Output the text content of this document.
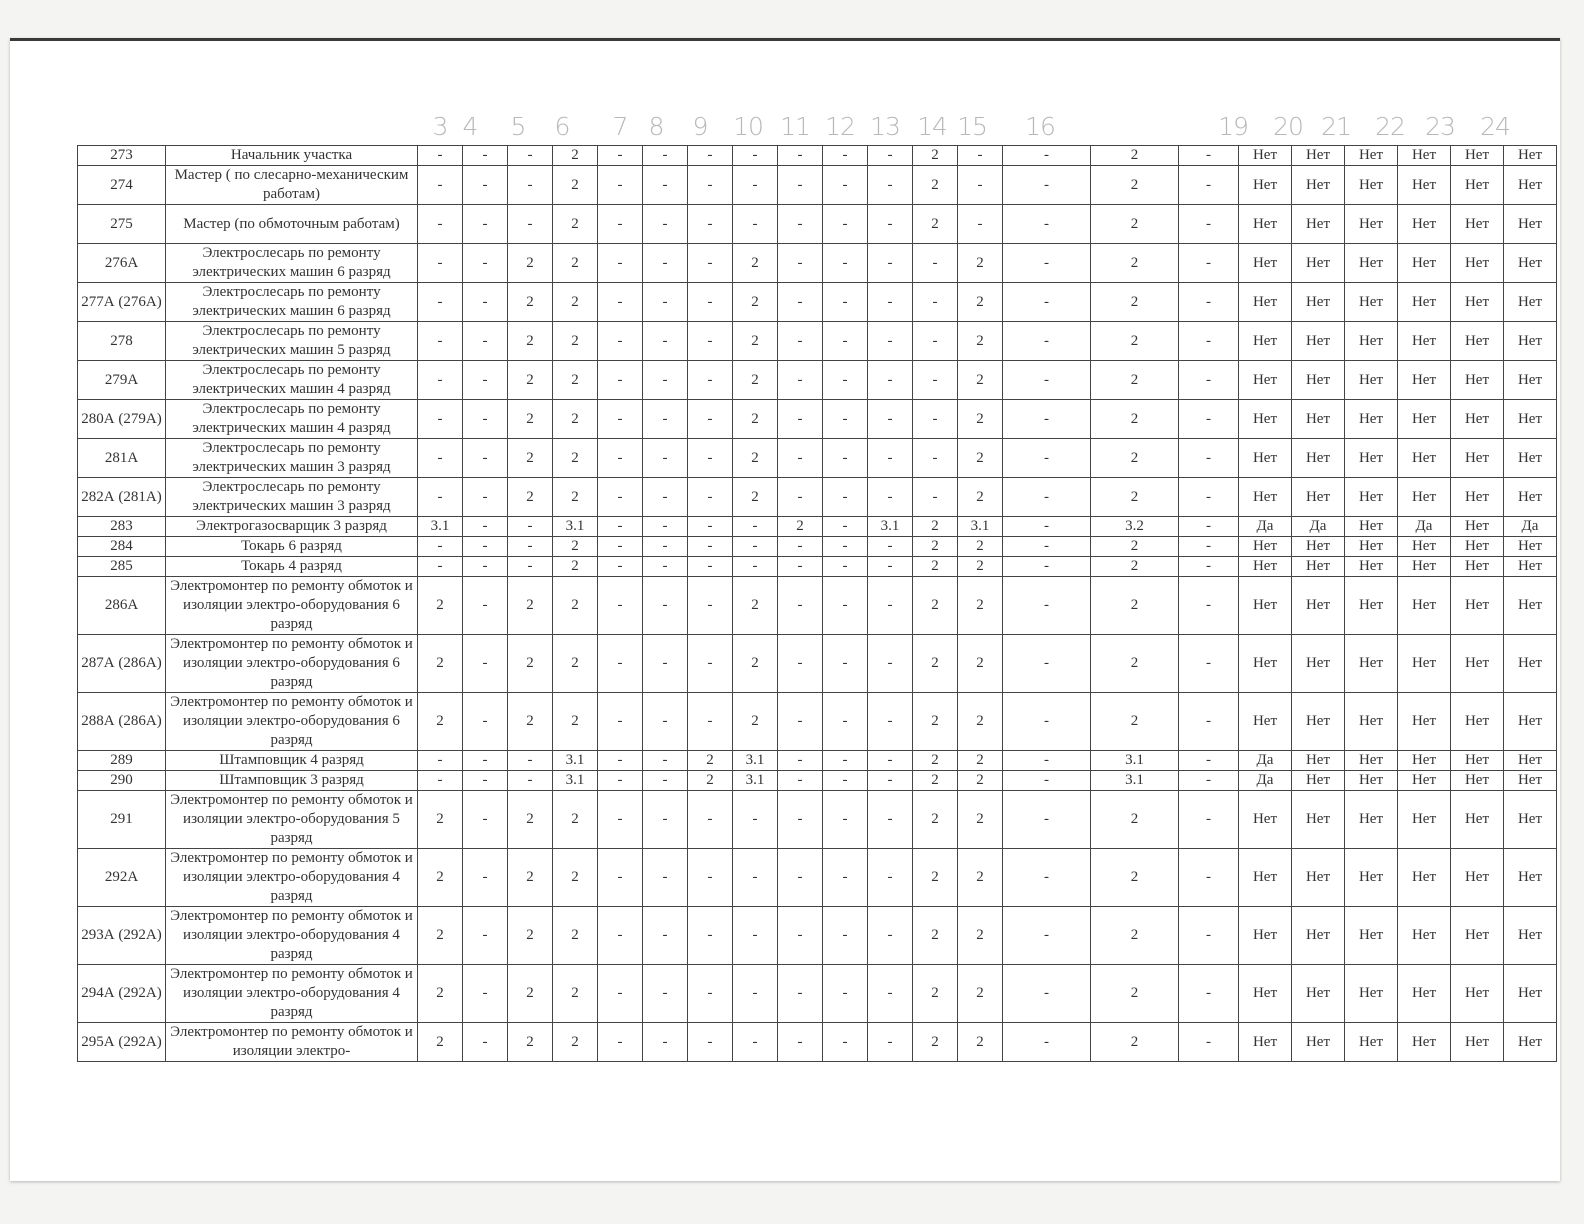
3 4 5 6 7 8 9 10 11 12 13 14 15 16	19 20 21 22 23 24
273	Начальник участка	-	-	-	2	-	-	-	-	-	-	-	2	-	-	2	-	Нет	Нет	Нет	Нет	Нет	Нет
274	Мастер ( по слесарно-механическим работам)	-	-	-	2	-	-	-	-	-	-	-	2	-	-	2	-	Нет	Нет	Нет	Нет	Нет	Нет
275	Мастер (по обмоточным работам)	-	-	-	2	-	-	-	-	-	-	-	2	-	-	2	-	Нет	Нет	Нет	Нет	Нет	Нет
276А	Электрослесарь по ремонту электрических машин 6 разряд	-	-	2	2	-	-	-	2	-	-	-	-	2	-	2	-	Нет	Нет	Нет	Нет	Нет	Нет
277А (276А)	Электрослесарь по ремонту электрических машин 6 разряд	-	-	2	2	-	-	-	2	-	-	-	-	2	-	2	-	Нет	Нет	Нет	Нет	Нет	Нет
278	Электрослесарь по ремонту электрических машин 5 разряд	-	-	2	2	-	-	-	2	-	-	-	-	2	-	2	-	Нет	Нет	Нет	Нет	Нет	Нет
279А	Электрослесарь по ремонту электрических машин 4 разряд	-	-	2	2	-	-	-	2	-	-	-	-	2	-	2	-	Нет	Нет	Нет	Нет	Нет	Нет
280А (279А)	Электрослесарь по ремонту электрических машин 4 разряд	-	-	2	2	-	-	-	2	-	-	-	-	2	-	2	-	Нет	Нет	Нет	Нет	Нет	Нет
281А	Электрослесарь по ремонту электрических машин 3 разряд	-	-	2	2	-	-	-	2	-	-	-	-	2	-	2	-	Нет	Нет	Нет	Нет	Нет	Нет
282А (281А)	Электрослесарь по ремонту электрических машин 3 разряд	-	-	2	2	-	-	-	2	-	-	-	-	2	-	2	-	Нет	Нет	Нет	Нет	Нет	Нет
283	Электрогазосварщик 3 разряд	3.1	-	-	3.1	-	-	-	-	2	-	3.1	2	3.1	-	3.2	-	Да	Да	Нет	Да	Нет	Да
284	Токарь 6 разряд	-	-	-	2	-	-	-	-	-	-	-	2	2	-	2	-	Нет	Нет	Нет	Нет	Нет	Нет
285	Токарь 4 разряд	-	-	-	2	-	-	-	-	-	-	-	2	2	-	2	-	Нет	Нет	Нет	Нет	Нет	Нет
286А	Электромонтер по ремонту обмоток и изоляции электро-оборудования 6 разряд	2	-	2	2	-	-	-	2	-	-	-	2	2	-	2	-	Нет	Нет	Нет	Нет	Нет	Нет
287А (286А)	Электромонтер по ремонту обмоток и изоляции электро-оборудования 6 разряд	2	-	2	2	-	-	-	2	-	-	-	2	2	-	2	-	Нет	Нет	Нет	Нет	Нет	Нет
288А (286А)	Электромонтер по ремонту обмоток и изоляции электро-оборудования 6 разряд	2	-	2	2	-	-	-	2	-	-	-	2	2	-	2	-	Нет	Нет	Нет	Нет	Нет	Нет
289	Штамповщик 4 разряд	-	-	-	3.1	-	-	2	3.1	-	-	-	2	2	-	3.1	-	Да	Нет	Нет	Нет	Нет	Нет
290	Штамповщик 3 разряд	-	-	-	3.1	-	-	2	3.1	-	-	-	2	2	-	3.1	-	Да	Нет	Нет	Нет	Нет	Нет
291	Электромонтер по ремонту обмоток и изоляции электро-оборудования 5 разряд	2	-	2	2	-	-	-	-	-	-	-	2	2	-	2	-	Нет	Нет	Нет	Нет	Нет	Нет
292А	Электромонтер по ремонту обмоток и изоляции электро-оборудования 4 разряд	2	-	2	2	-	-	-	-	-	-	-	2	2	-	2	-	Нет	Нет	Нет	Нет	Нет	Нет
293А (292А)	Электромонтер по ремонту обмоток и изоляции электро-оборудования 4 разряд	2	-	2	2	-	-	-	-	-	-	-	2	2	-	2	-	Нет	Нет	Нет	Нет	Нет	Нет
294А (292А)	Электромонтер по ремонту обмоток и изоляции электро-оборудования 4 разряд	2	-	2	2	-	-	-	-	-	-	-	2	2	-	2	-	Нет	Нет	Нет	Нет	Нет	Нет
295А (292А)	Электромонтер по ремонту обмоток и изоляции электро-	2	-	2	2	-	-	-	-	-	-	-	2	2	-	2	-	Нет	Нет	Нет	Нет	Нет	Нет
